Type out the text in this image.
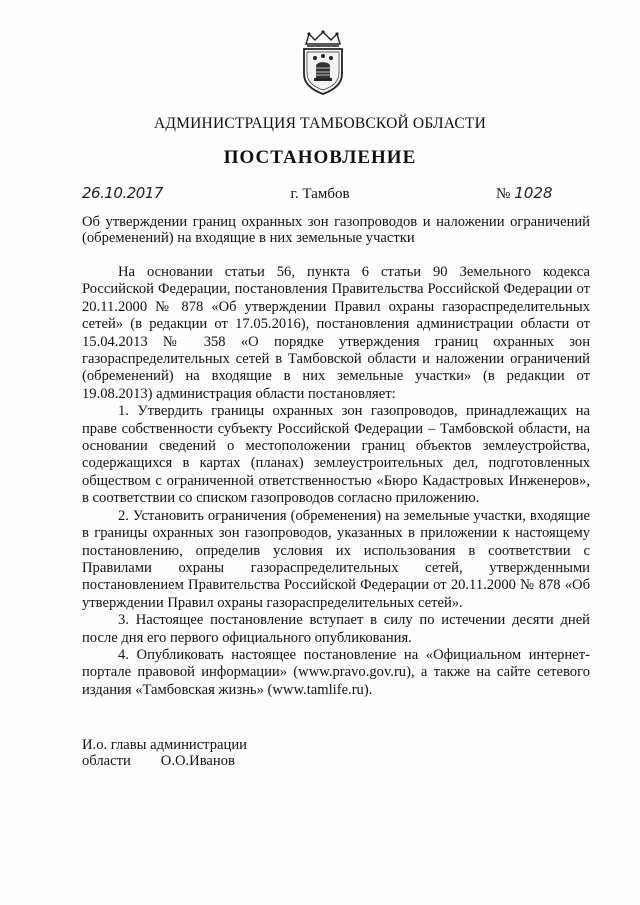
АДМИНИСТРАЦИЯ ТАМБОВСКОЙ ОБЛАСТИ
ПОСТАНОВЛЕНИЕ
26.10.2017	г. Тамбов	№ 1028
Об утверждении границ охранных зон газопроводов и наложении ограничений (обременений) на входящие в них земельные участки

На основании статьи 56, пункта 6 статьи 90 Земельного кодекса Российской Федерации, постановления Правительства Российской Федерации от 20.11.2000 № 878 «Об утверждении Правил охраны газораспределительных сетей» (в редакции от 17.05.2016), постановления администрации области от 15.04.2013 № 358 «О порядке утверждения границ охранных зон газораспределительных сетей в Тамбовской области и наложении ограничений (обременений) на входящие в них земельные участки» (в редакции от 19.08.2013) администрация области постановляет:

1. Утвердить границы охранных зон газопроводов, принадлежащих на праве собственности субъекту Российской Федерации – Тамбовской области, на основании сведений о местоположении границ объектов землеустройства, содержащихся в картах (планах) землеустроительных дел, подготовленных обществом с ограниченной ответственностью «Бюро Кадастровых Инженеров», в соответствии со списком газопроводов согласно приложению.

2. Установить ограничения (обременения) на земельные участки, входящие в границы охранных зон газопроводов, указанных в приложении к настоящему постановлению, определив условия их использования в соответствии с Правилами охраны газораспределительных сетей, утвержденными постановлением Правительства Российской Федерации от 20.11.2000 № 878 «Об утверждении Правил охраны газораспределительных сетей».

3. Настоящее постановление вступает в силу по истечении десяти дней после дня его первого официального опубликования.

4. Опубликовать настоящее постановление на «Официальном интернет-портале правовой информации» (www.pravo.gov.ru), а также на сайте сетевого издания «Тамбовская жизнь» (www.tamlife.ru).

И.о. главы администрации
области О.О.Иванов
